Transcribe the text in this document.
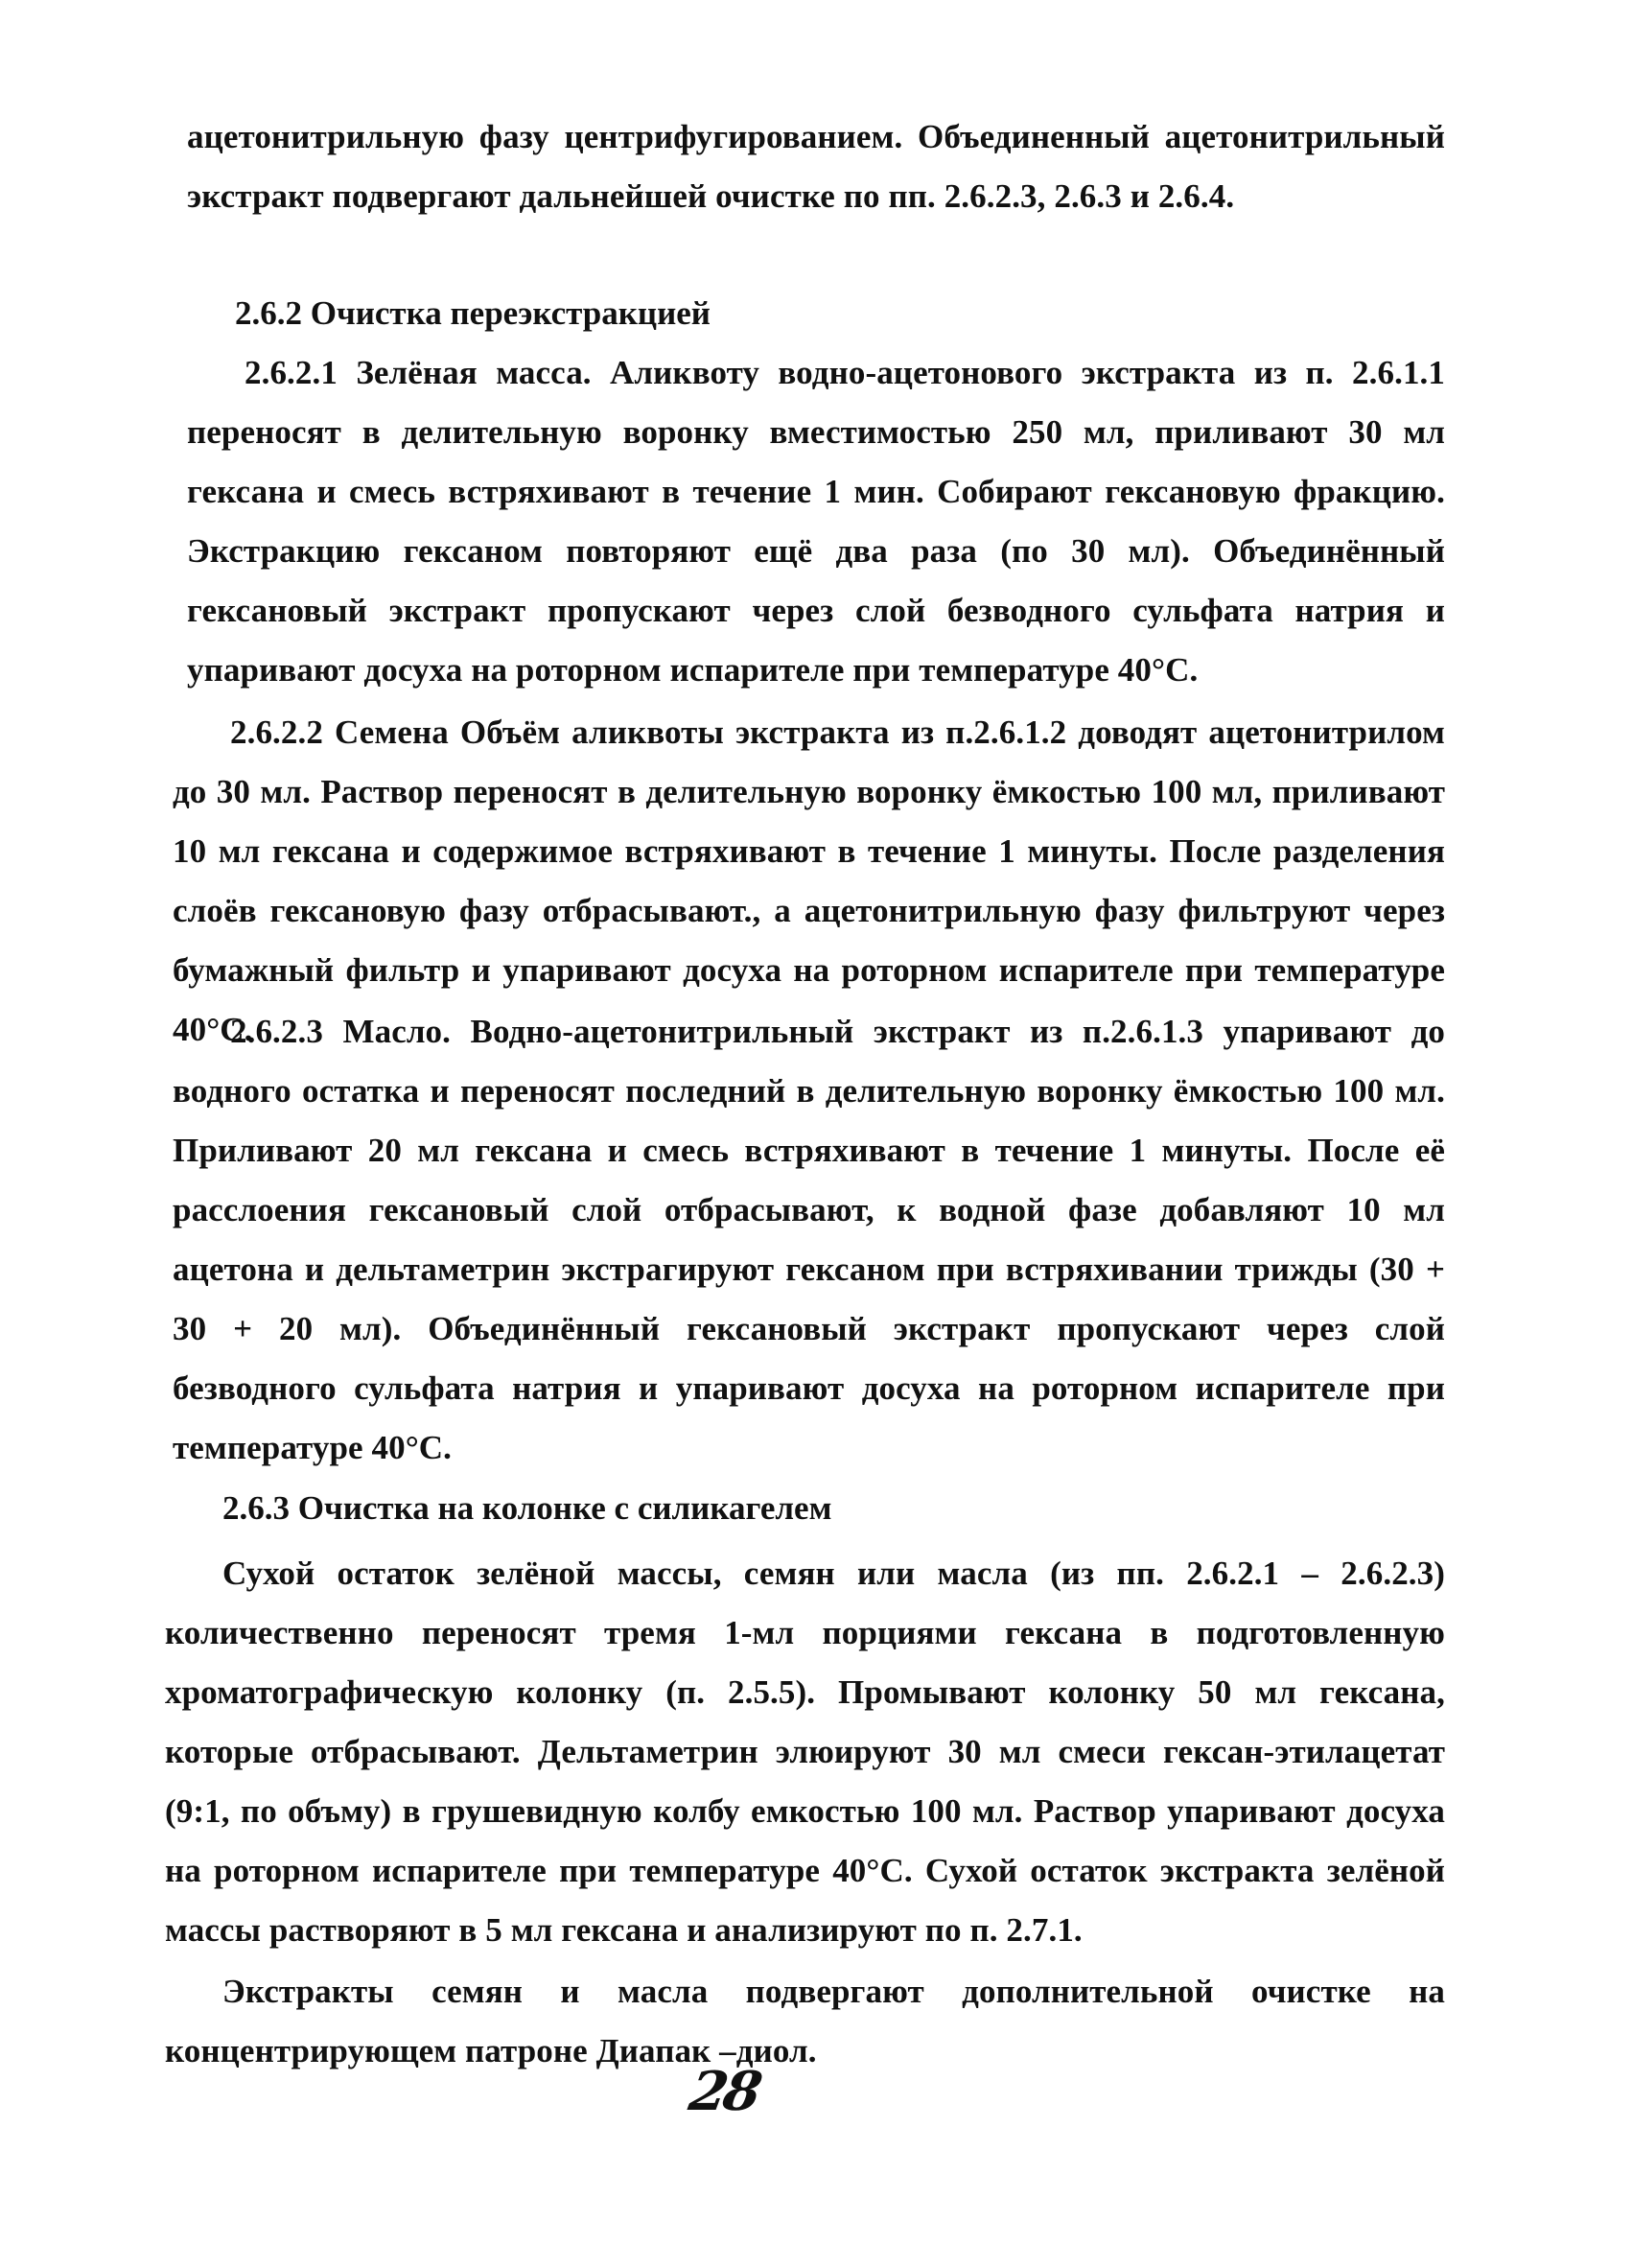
ацетонитрильную фазу центрифугированием. Объединенный ацетонитрильный экстракт подвергают дальнейшей очистке по пп. 2.6.2.3, 2.6.3 и 2.6.4.

2.6.2 Очистка переэкстракцией

2.6.2.1 Зелёная масса. Аликвоту водно-ацетонового экстракта из п. 2.6.1.1 переносят в делительную воронку вместимостью 250 мл, приливают 30 мл гексана и смесь встряхивают в течение 1 мин. Собирают гексановую фракцию. Экстракцию гексаном повторяют ещё два раза (по 30 мл). Объединённый гексановый экстракт пропускают через слой безводного сульфата натрия и упаривают досуха на роторном испарителе при температуре 40°С.

2.6.2.2 Семена Объём аликвоты экстракта из п.2.6.1.2 доводят ацетонитрилом до 30 мл. Раствор переносят в делительную воронку ёмкостью 100 мл, приливают 10 мл гексана и содержимое встряхивают в течение 1 минуты. После разделения слоёв гексановую фазу отбрасывают., а ацетонитрильную фазу фильтруют через бумажный фильтр и упаривают досуха на роторном испарителе при температуре 40°С.

2.6.2.3 Масло. Водно-ацетонитрильный экстракт из п.2.6.1.3 упаривают до водного остатка и переносят последний в делительную воронку ёмкостью 100 мл. Приливают 20 мл гексана и смесь встряхивают в течение 1 минуты. После её расслоения гексановый слой отбрасывают, к водной фазе добавляют 10 мл ацетона и дельтаметрин экстрагируют гексаном при встряхивании трижды (30 + 30 + 20 мл). Объединённый гексановый экстракт пропускают через слой безводного сульфата натрия и упаривают досуха на роторном испарителе при температуре 40°С.

2.6.3 Очистка на колонке с силикагелем

Сухой остаток зелёной массы, семян или масла (из пп. 2.6.2.1 – 2.6.2.3) количественно переносят тремя 1-мл порциями гексана в подготовленную хроматографическую колонку (п. 2.5.5). Промывают колонку 50 мл гексана, которые отбрасывают. Дельтаметрин элюируют 30 мл смеси гексан-этилацетат (9:1, по объму) в грушевидную колбу емкостью 100 мл. Раствор упаривают досуха на роторном испарителе при температуре 40°С. Сухой остаток экстракта зелёной массы растворяют в 5 мл гексана и анализируют по п. 2.7.1.

Экстракты семян и масла подвергают дополнительной очистке на концентрирующем патроне Диапак –диол.

28
